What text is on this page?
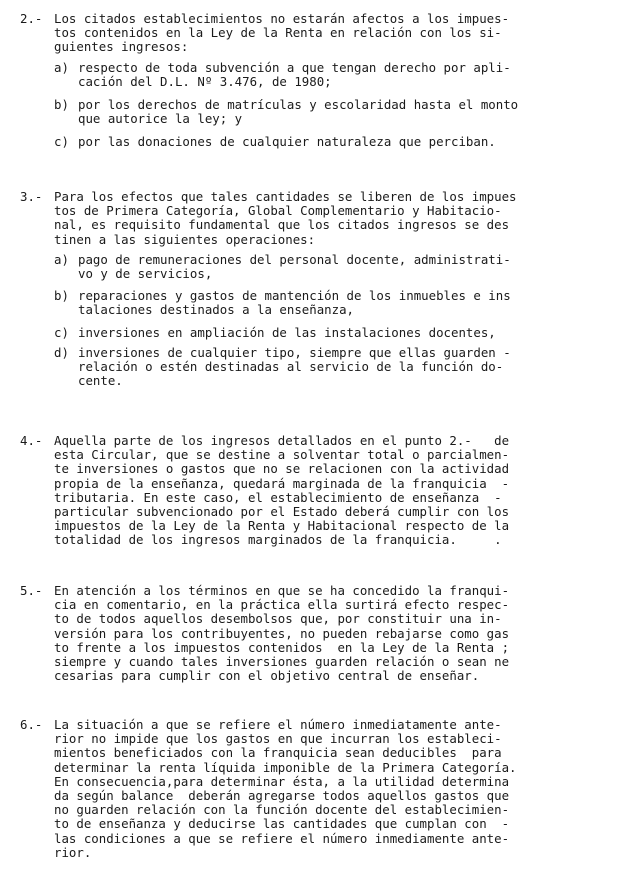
2.- Los citados establecimientos no estarán afectos a los impues-
tos contenidos en la Ley de la Renta en relación con los si-
guientes ingresos:
a) respecto de toda subvención a que tengan derecho por apli-
cación del D.L. Nº 3.476, de 1980;
b) por los derechos de matrículas y escolaridad hasta el monto
que autorice la ley; y
c) por las donaciones de cualquier naturaleza que perciban.
3.- Para los efectos que tales cantidades se liberen de los impues
tos de Primera Categoría, Global Complementario y Habitacio-
nal, es requisito fundamental que los citados ingresos se des
tinen a las siguientes operaciones:
a) pago de remuneraciones del personal docente, administrati-
vo y de servicios,
b) reparaciones y gastos de mantención de los inmuebles e ins
talaciones destinados a la enseñanza,
c) inversiones en ampliación de las instalaciones docentes,
d) inversiones de cualquier tipo, siempre que ellas guarden -
relación o estén destinadas al servicio de la función do-
cente.
4.- Aquella parte de los ingresos detallados en el punto 2.-   de
esta Circular, que se destine a solventar total o parcialmen-
te inversiones o gastos que no se relacionen con la actividad
propia de la enseñanza, quedará marginada de la franquicia  -
tributaria. En este caso, el establecimiento de enseñanza  -
particular subvencionado por el Estado deberá cumplir con los
impuestos de la Ley de la Renta y Habitacional respecto de la
totalidad de los ingresos marginados de la franquicia.     .
5.- En atención a los términos en que se ha concedido la franqui-
cia en comentario, en la práctica ella surtirá efecto respec-
to de todos aquellos desembolsos que, por constituir una in-
versión para los contribuyentes, no pueden rebajarse como gas
to frente a los impuestos contenidos  en la Ley de la Renta ;
siempre y cuando tales inversiones guarden relación o sean ne
cesarias para cumplir con el objetivo central de enseñar.
6.- La situación a que se refiere el número inmediatamente ante-
rior no impide que los gastos en que incurran los estableci-
mientos beneficiados con la franquicia sean deducibles  para
determinar la renta líquida imponible de la Primera Categoría.
En consecuencia,para determinar ésta, a la utilidad determina
da según balance  deberán agregarse todos aquellos gastos que
no guarden relación con la función docente del establecimien-
to de enseñanza y deducirse las cantidades que cumplan con  -
las condiciones a que se refiere el número inmediamente ante-
rior.
